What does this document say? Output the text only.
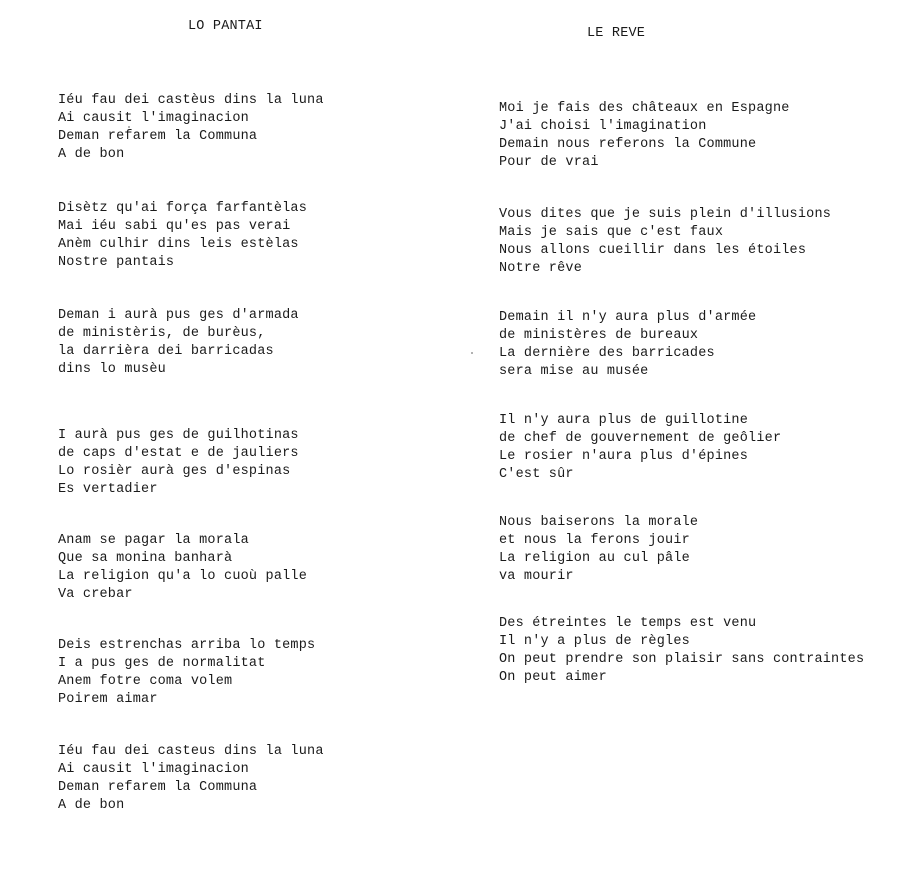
LO PANTAI
Iéu fau dei castèus dins la luna
Ai causit l'imaginacion
Deman refarem la Communa
A de bon
Disètz qu'ai força farfantèlas
Mai iéu sabi qu'es pas verai
Anèm culhir dins leis estèlas
Nostre pantais
Deman i aurà pus ges d'armada
de ministèris, de burèus,
la darrièra dei barricadas
dins lo musèu
I aurà pus ges de guilhotinas
de caps d'estat e de jauliers
Lo rosièr aurà ges d'espinas
Es vertadier
Anam se pagar la morala
Que sa monina banharà
La religion qu'a lo cuoù palle
Va crebar
Deis estrenchas arriba lo temps
I a pus ges de normalitat
Anem fotre coma volem
Poirem aimar
Iéu fau dei casteus dins la luna
Ai causit l'imaginacion
Deman refarem la Communa
A de bon
LE REVE
Moi je fais des châteaux en Espagne
J'ai choisi l'imagination
Demain nous referons la Commune
Pour de vrai
Vous dites que je suis plein d'illusions
Mais je sais que c'est faux
Nous allons cueillir dans les étoiles
Notre rêve
Demain il n'y aura plus d'armée
de ministères de bureaux
La dernière des barricades
sera mise au musée
Il n'y aura plus de guillotine
de chef de gouvernement de geôlier
Le rosier n'aura plus d'épines
C'est sûr
Nous baiserons la morale
et nous la ferons jouir
La religion au cul pâle
va mourir
Des étreintes le temps est venu
Il n'y a plus de règles
On peut prendre son plaisir sans contraintes
On peut aimer
